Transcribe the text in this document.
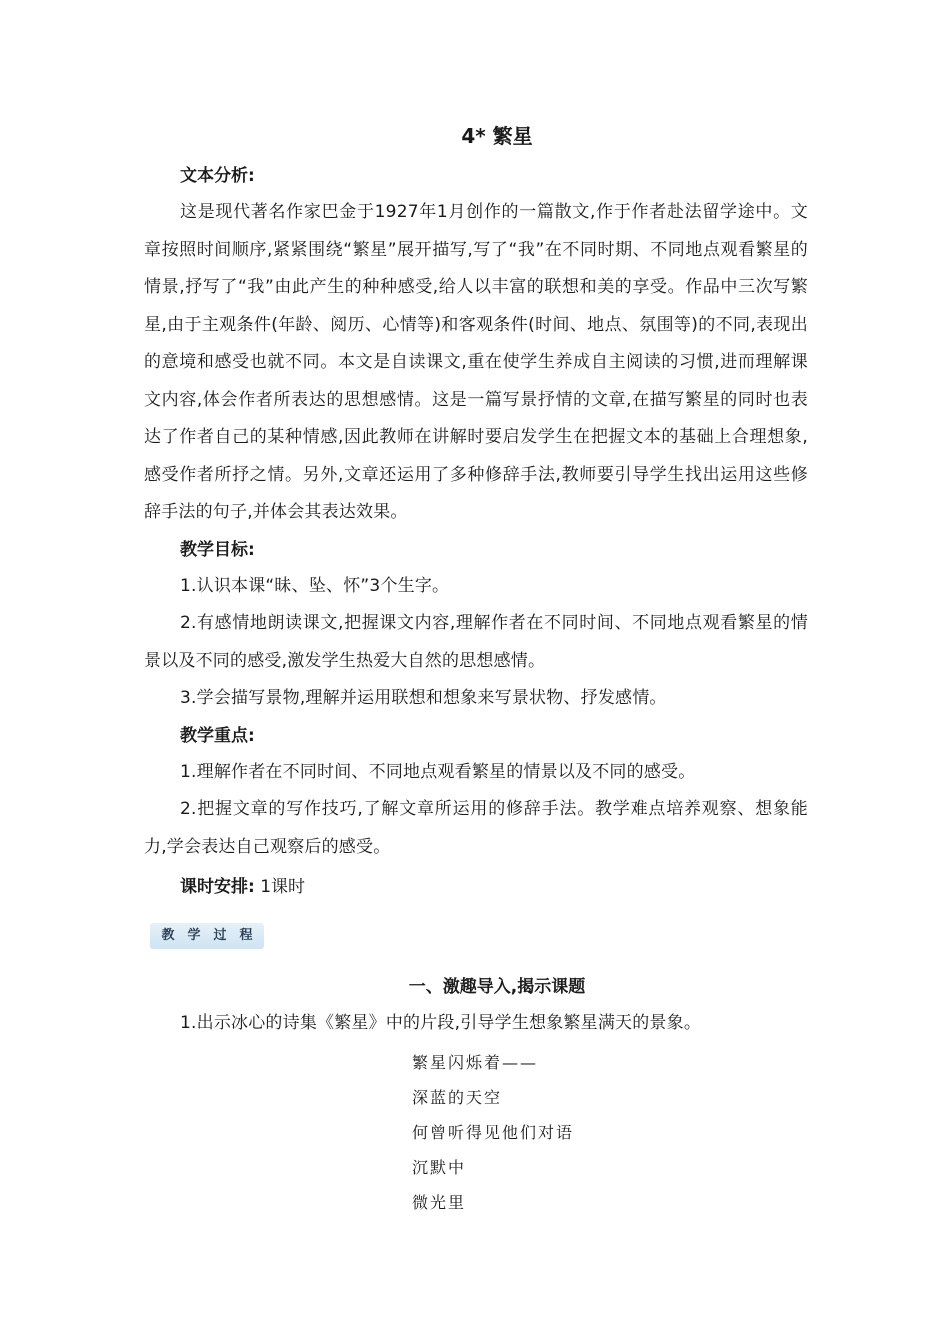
4* 繁星
文本分析:

这是现代著名作家巴金于1927年1月创作的一篇散文,作于作者赴法留学途中。文章按照时间顺序,紧紧围绕“繁星”展开描写,写了“我”在不同时期、不同地点观看繁星的情景,抒写了“我”由此产生的种种感受,给人以丰富的联想和美的享受。作品中三次写繁星,由于主观条件(年龄、阅历、心情等)和客观条件(时间、地点、氛围等)的不同,表现出的意境和感受也就不同。本文是自读课文,重在使学生养成自主阅读的习惯,进而理解课文内容,体会作者所表达的思想感情。这是一篇写景抒情的文章,在描写繁星的同时也表达了作者自己的某种情感,因此教师在讲解时要启发学生在把握文本的基础上合理想象,感受作者所抒之情。另外,文章还运用了多种修辞手法,教师要引导学生找出运用这些修辞手法的句子,并体会其表达效果。

教学目标:

1.认识本课“昧、坠、怀”3个生字。

2.有感情地朗读课文,把握课文内容,理解作者在不同时间、不同地点观看繁星的情景以及不同的感受,激发学生热爱大自然的思想感情。

3.学会描写景物,理解并运用联想和想象来写景状物、抒发感情。

教学重点:

1.理解作者在不同时间、不同地点观看繁星的情景以及不同的感受。

2.把握文章的写作技巧,了解文章所运用的修辞手法。教学难点培养观察、想象能力,学会表达自己观察后的感受。

课时安排: 1课时
教 学 过 程
一、激趣导入,揭示课题

1.出示冰心的诗集《繁星》中的片段,引导学生想象繁星满天的景象。

繁星闪烁着——
深蓝的天空
何曾听得见他们对语
沉默中
微光里
